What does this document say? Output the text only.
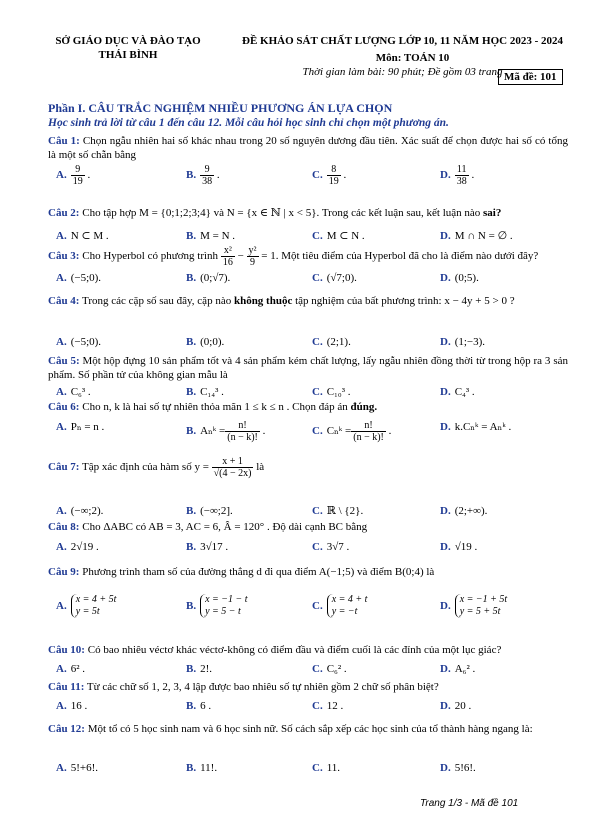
SỞ GIÁO DỤC VÀ ĐÀO TẠO
THÁI BÌNH
ĐỀ KHẢO SÁT CHẤT LƯỢNG LỚP 10, 11 NĂM HỌC 2023 - 2024
Môn: TOÁN 10
Thời gian làm bài: 90 phút; Đề gồm 03 trang Mã đề: 101
Phần I. CÂU TRẮC NGHIỆM NHIỀU PHƯƠNG ÁN LỰA CHỌN
Học sinh trả lời từ câu 1 đến câu 12. Mỗi câu hỏi học sinh chỉ chọn một phương án.
Câu 1: Chọn ngẫu nhiên hai số khác nhau trong 20 số nguyên dương đầu tiên. Xác suất để chọn được hai số có tổng là một số chẵn bằng
A. $\frac{9}{19}$ .	B. $\frac{9}{38}$ .	C. $\frac{8}{19}$ .	D. $\frac{11}{38}$ .
Câu 2: Cho tập hợp M = {0;1;2;3;4} và N = {x ∈ ℕ | x < 5}. Trong các kết luận sau, kết luận nào sai?
A. N ⊂ M .	B. M = N .	C. M ⊂ N .	D. M ∩ N = ∅ .
Câu 3: Cho Hyperbol có phương trình $\frac{\text{x²}}{16} - \frac{\text{y²}}{9} = 1$. Một tiêu điểm của Hyperbol đã cho là điểm nào dưới đây?
A. (−5;0).	B. (0;√7).	C. (√7;0).	D. (0;5).
Câu 4: Trong các cặp số sau đây, cặp nào không thuộc tập nghiệm của bất phương trình: x − 4y + 5 > 0 ?
A. (−5;0).	B. (0;0).	C. (2;1).	D. (1;−3).
Câu 5: Một hộp đựng 10 sản phẩm tốt và 4 sản phẩm kém chất lượng, lấy ngẫu nhiên đồng thời từ trong hộp ra 3 sản phẩm. Số phần tử của không gian mẫu là
A. C₆³ .	B. C₁₄³ .	C. C₁₀³ .	D. C₄³ .
Câu 6: Cho n, k là hai số tự nhiên thỏa mãn 1 ≤ k ≤ n . Chọn đáp án đúng.
A. Pₙ = n .	B. Aₙᵏ = $\frac{n!}{(n - k)!}$ .	C. Cₙᵏ = $\frac{n!}{(n - k)!}$ .	D. k.Cₙᵏ = Aₙᵏ .
Câu 7: Tập xác định của hàm số $y = \frac{x + 1}{√(4 - 2x)}$ là
A. (−∞;2).	B. (−∞;2].	C. ℝ \ {2}.	D. (2;+∞).
Câu 8: Cho ΔABC có AB = 3, AC = 6, Â = 120° . Độ dài cạnh BC bằng
A. 2√19 .	B. 3√17 .	C. 3√7 .	D. √19 .
Câu 9: Phương trình tham số của đường thẳng d đi qua điểm A(−1;5) và điểm B(0;4) là
A.
x = 4 + 5t
y = 5t	B.
x = −1 − t
y = 5 − t	C.
x = 4 + t
y = −t	D.
x = −1 + 5t
y = 5 + 5t
Câu 10: Có bao nhiêu véctơ khác véctơ-không có điểm đầu và điểm cuối là các đỉnh của một lục giác?
A. 6² .	B. 2!.	C. C₆² .	D. A₆² .
Câu 11: Từ các chữ số 1, 2, 3, 4 lập được bao nhiêu số tự nhiên gồm 2 chữ số phân biệt?
A. 16 .	B. 6 .	C. 12 .	D. 20 .
Câu 12: Một tổ có 5 học sinh nam và 6 học sinh nữ. Số cách sắp xếp các học sinh của tổ thành hàng ngang là:
A. 5!+6!.	B. 11!.	C. 11.	D. 5!6!.
Trang 1/3 - Mã đề 101
